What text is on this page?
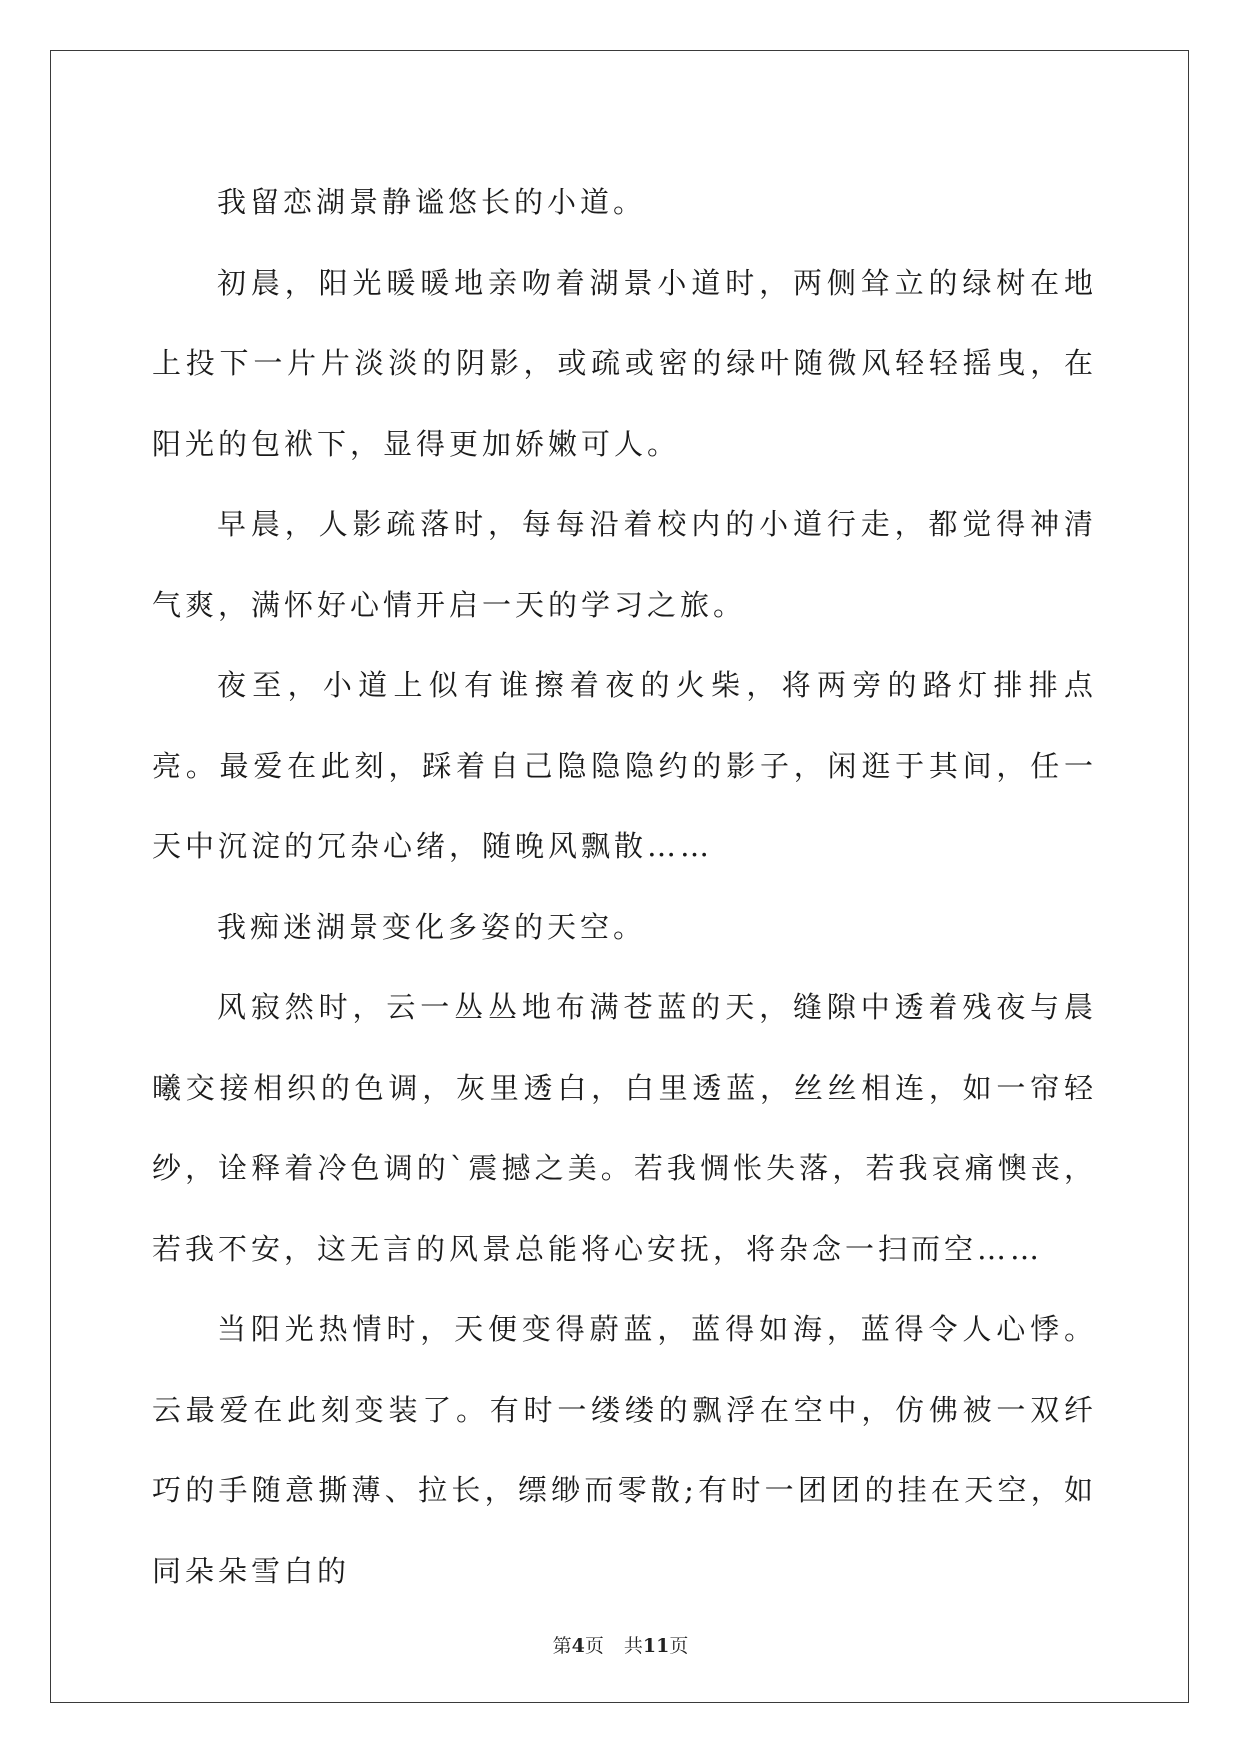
我留恋湖景静谧悠长的小道。

初晨，阳光暖暖地亲吻着湖景小道时，两侧耸立的绿树在地上投下一片片淡淡的阴影，或疏或密的绿叶随微风轻轻摇曳，在阳光的包袱下，显得更加娇嫩可人。

早晨，人影疏落时，每每沿着校内的小道行走，都觉得神清气爽，满怀好心情开启一天的学习之旅。

夜至，小道上似有谁擦着夜的火柴，将两旁的路灯排排点亮。最爱在此刻，踩着自己隐隐隐约的影子，闲逛于其间，任一天中沉淀的冗杂心绪，随晚风飘散……

我痴迷湖景变化多姿的天空。

风寂然时，云一丛丛地布满苍蓝的天，缝隙中透着残夜与晨曦交接相织的色调，灰里透白，白里透蓝，丝丝相连，如一帘轻纱，诠释着冷色调的`震撼之美。若我惆怅失落，若我哀痛懊丧，若我不安，这无言的风景总能将心安抚，将杂念一扫而空……

当阳光热情时，天便变得蔚蓝，蓝得如海，蓝得令人心悸。云最爱在此刻变装了。有时一缕缕的飘浮在空中，仿佛被一双纤巧的手随意撕薄、拉长，缥缈而零散;有时一团团的挂在天空，如同朵朵雪白的

第4页 共11页
